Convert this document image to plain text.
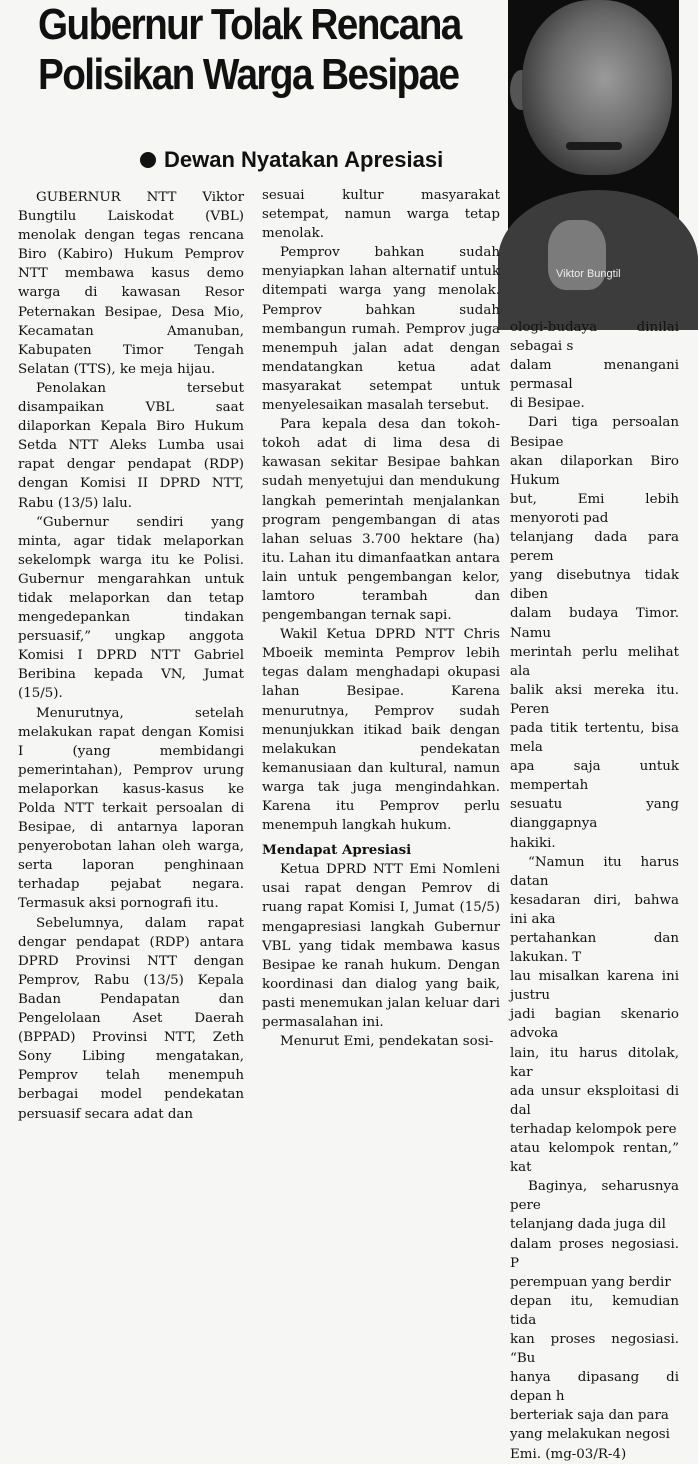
Gubernur Tolak Rencana
Polisikan Warga Besipae
Dewan Nyatakan Apresiasi
Viktor Bungtil

GUBERNUR NTT Viktor Bungtilu Laiskodat (VBL) menolak dengan tegas rencana Biro (Kabiro) Hukum Pemprov NTT membawa kasus demo warga di kawasan Resor Peternakan Besipae, Desa Mio, Kecamatan Amanuban, Kabupaten Timor Tengah Selatan (TTS), ke meja hijau.

Penolakan tersebut disampaikan VBL saat dilaporkan Kepala Biro Hukum Setda NTT Aleks Lumba usai rapat dengar pendapat (RDP) dengan Komisi II DPRD NTT, Rabu (13/5) lalu.

“Gubernur sendiri yang minta, agar tidak melaporkan sekelompk warga itu ke Polisi. Gubernur mengarahkan untuk tidak melaporkan dan tetap mengedepankan tindakan persuasif,” ungkap anggota Komisi I DPRD NTT Gabriel Beribina kepada VN, Jumat (15/5).

Menurutnya, setelah melakukan rapat dengan Komisi I (yang membidangi pemerintahan), Pemprov urung melaporkan kasus-kasus ke Polda NTT terkait persoalan di Besipae, di antarnya laporan penyerobotan lahan oleh warga, serta laporan penghinaan terhadap pejabat negara. Termasuk aksi pornografi itu.

Sebelumnya, dalam rapat dengar pendapat (RDP) antara DPRD Provinsi NTT dengan Pemprov, Rabu (13/5) Kepala Badan Pendapatan dan Pengelolaan Aset Daerah (BPPAD) Provinsi NTT, Zeth Sony Libing mengatakan, Pemprov telah menempuh berbagai model pendekatan persuasif secara adat dan

sesuai kultur masyarakat setempat, namun warga tetap menolak.

Pemprov bahkan sudah menyiapkan lahan alternatif untuk ditempati warga yang menolak. Pemprov bahkan sudah membangun rumah. Pemprov juga menempuh jalan adat dengan mendatangkan ketua adat masyarakat setempat untuk menyelesaikan masalah tersebut.

Para kepala desa dan tokoh-tokoh adat di lima desa di kawasan sekitar Besipae bahkan sudah menyetujui dan mendukung langkah pemerintah menjalankan program pengembangan di atas lahan seluas 3.700 hektare (ha) itu. Lahan itu dimanfaatkan antara lain untuk pengembangan kelor, lamtoro terambah dan pengembangan ternak sapi.

Wakil Ketua DPRD NTT Chris Mboeik meminta Pemprov lebih tegas dalam menghadapi okupasi lahan Besipae. Karena menurutnya, Pemprov sudah menunjukkan itikad baik dengan melakukan pendekatan kemanusiaan dan kultural, namun warga tak juga mengindahkan. Karena itu Pemprov perlu menempuh langkah hukum.

Mendapat Apresiasi

Ketua DPRD NTT Emi Nomleni usai rapat dengan Pemrov di ruang rapat Komisi I, Jumat (15/5) mengapresiasi langkah Gubernur VBL yang tidak membawa kasus Besipae ke ranah hukum. Dengan koordinasi dan dialog yang baik, pasti menemukan jalan keluar dari permasalahan ini.

Menurut Emi, pendekatan sosi-

ologi-budaya dinilai sebagai s

dalam menangani permasal

di Besipae.

Dari tiga persoalan Besipae

akan dilaporkan Biro Hukum

but, Emi lebih menyoroti pad

telanjang dada para perem

yang disebutnya tidak diben

dalam budaya Timor. Namu

merintah perlu melihat ala

balik aksi mereka itu. Peren

pada titik tertentu, bisa mela

apa saja untuk mempertah

sesuatu yang dianggapnya

hakiki.

“Namun itu harus datan

kesadaran diri, bahwa ini aka

pertahankan dan lakukan. T

lau misalkan karena ini justru

jadi bagian skenario advoka

lain, itu harus ditolak, kar

ada unsur eksploitasi di dal

terhadap kelompok pere

atau kelompok rentan,” kat

Baginya, seharusnya pere

telanjang dada juga dil

dalam proses negosiasi. P

perempuan yang berdir

depan itu, kemudian tida

kan proses negosiasi. “Bu

hanya dipasang di depan h

berteriak saja dan para

yang melakukan negosi

Emi. (mg-03/R-4)
